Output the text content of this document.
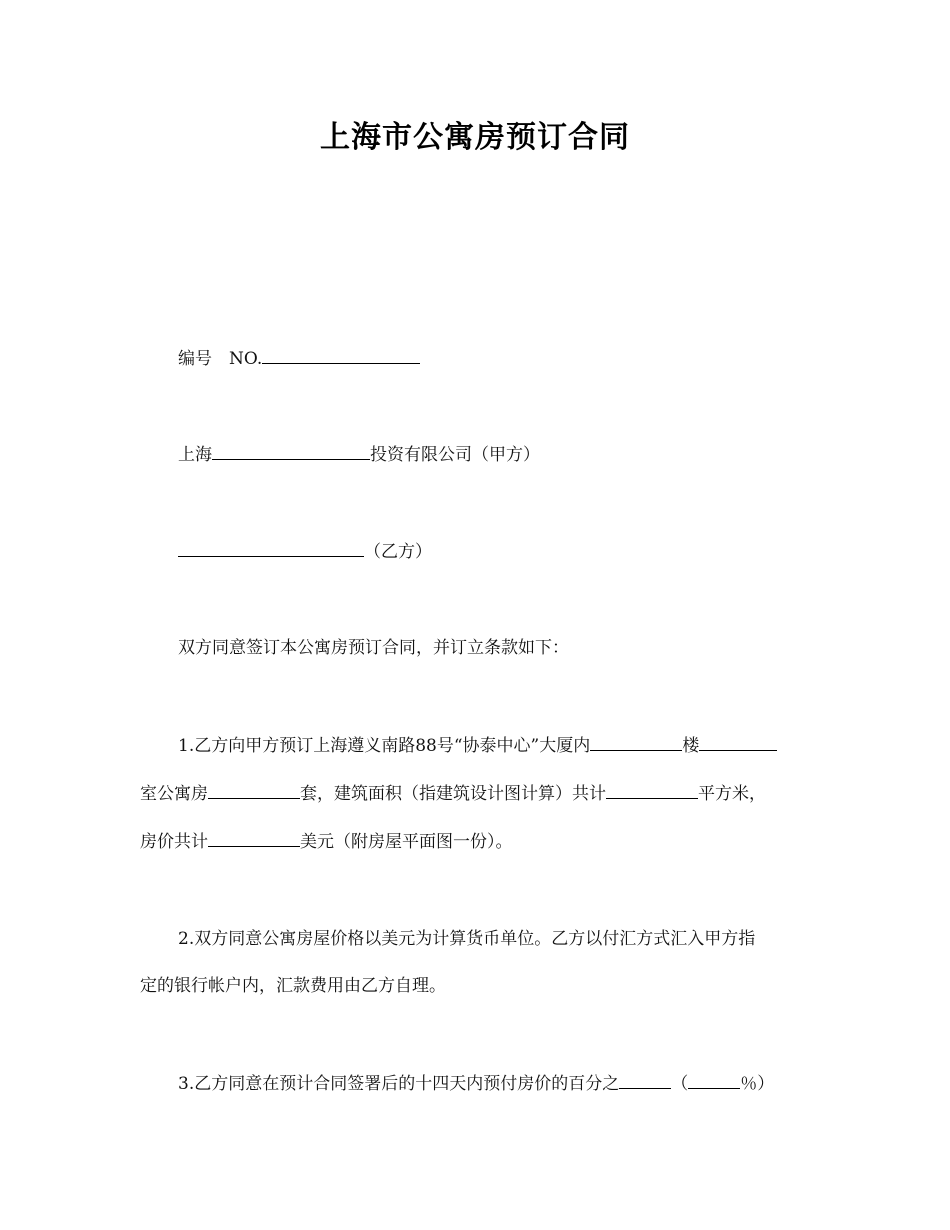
上海市公寓房预订合同
编号　NO.
上海	投资有限公司（甲方）
（乙方）
双方同意签订本公寓房预订合同，并订立条款如下：
1.乙方向甲方预订上海遵义南路88号“协泰中心”大厦内	楼
室公寓房	套，建筑面积（指建筑设计图计算）共计	平方米，
房价共计	美元（附房屋平面图一份）。
2.双方同意公寓房屋价格以美元为计算货币单位。乙方以付汇方式汇入甲方指
定的银行帐户内，汇款费用由乙方自理。
3.乙方同意在预计合同签署后的十四天内预付房价的百分之	（	％）
